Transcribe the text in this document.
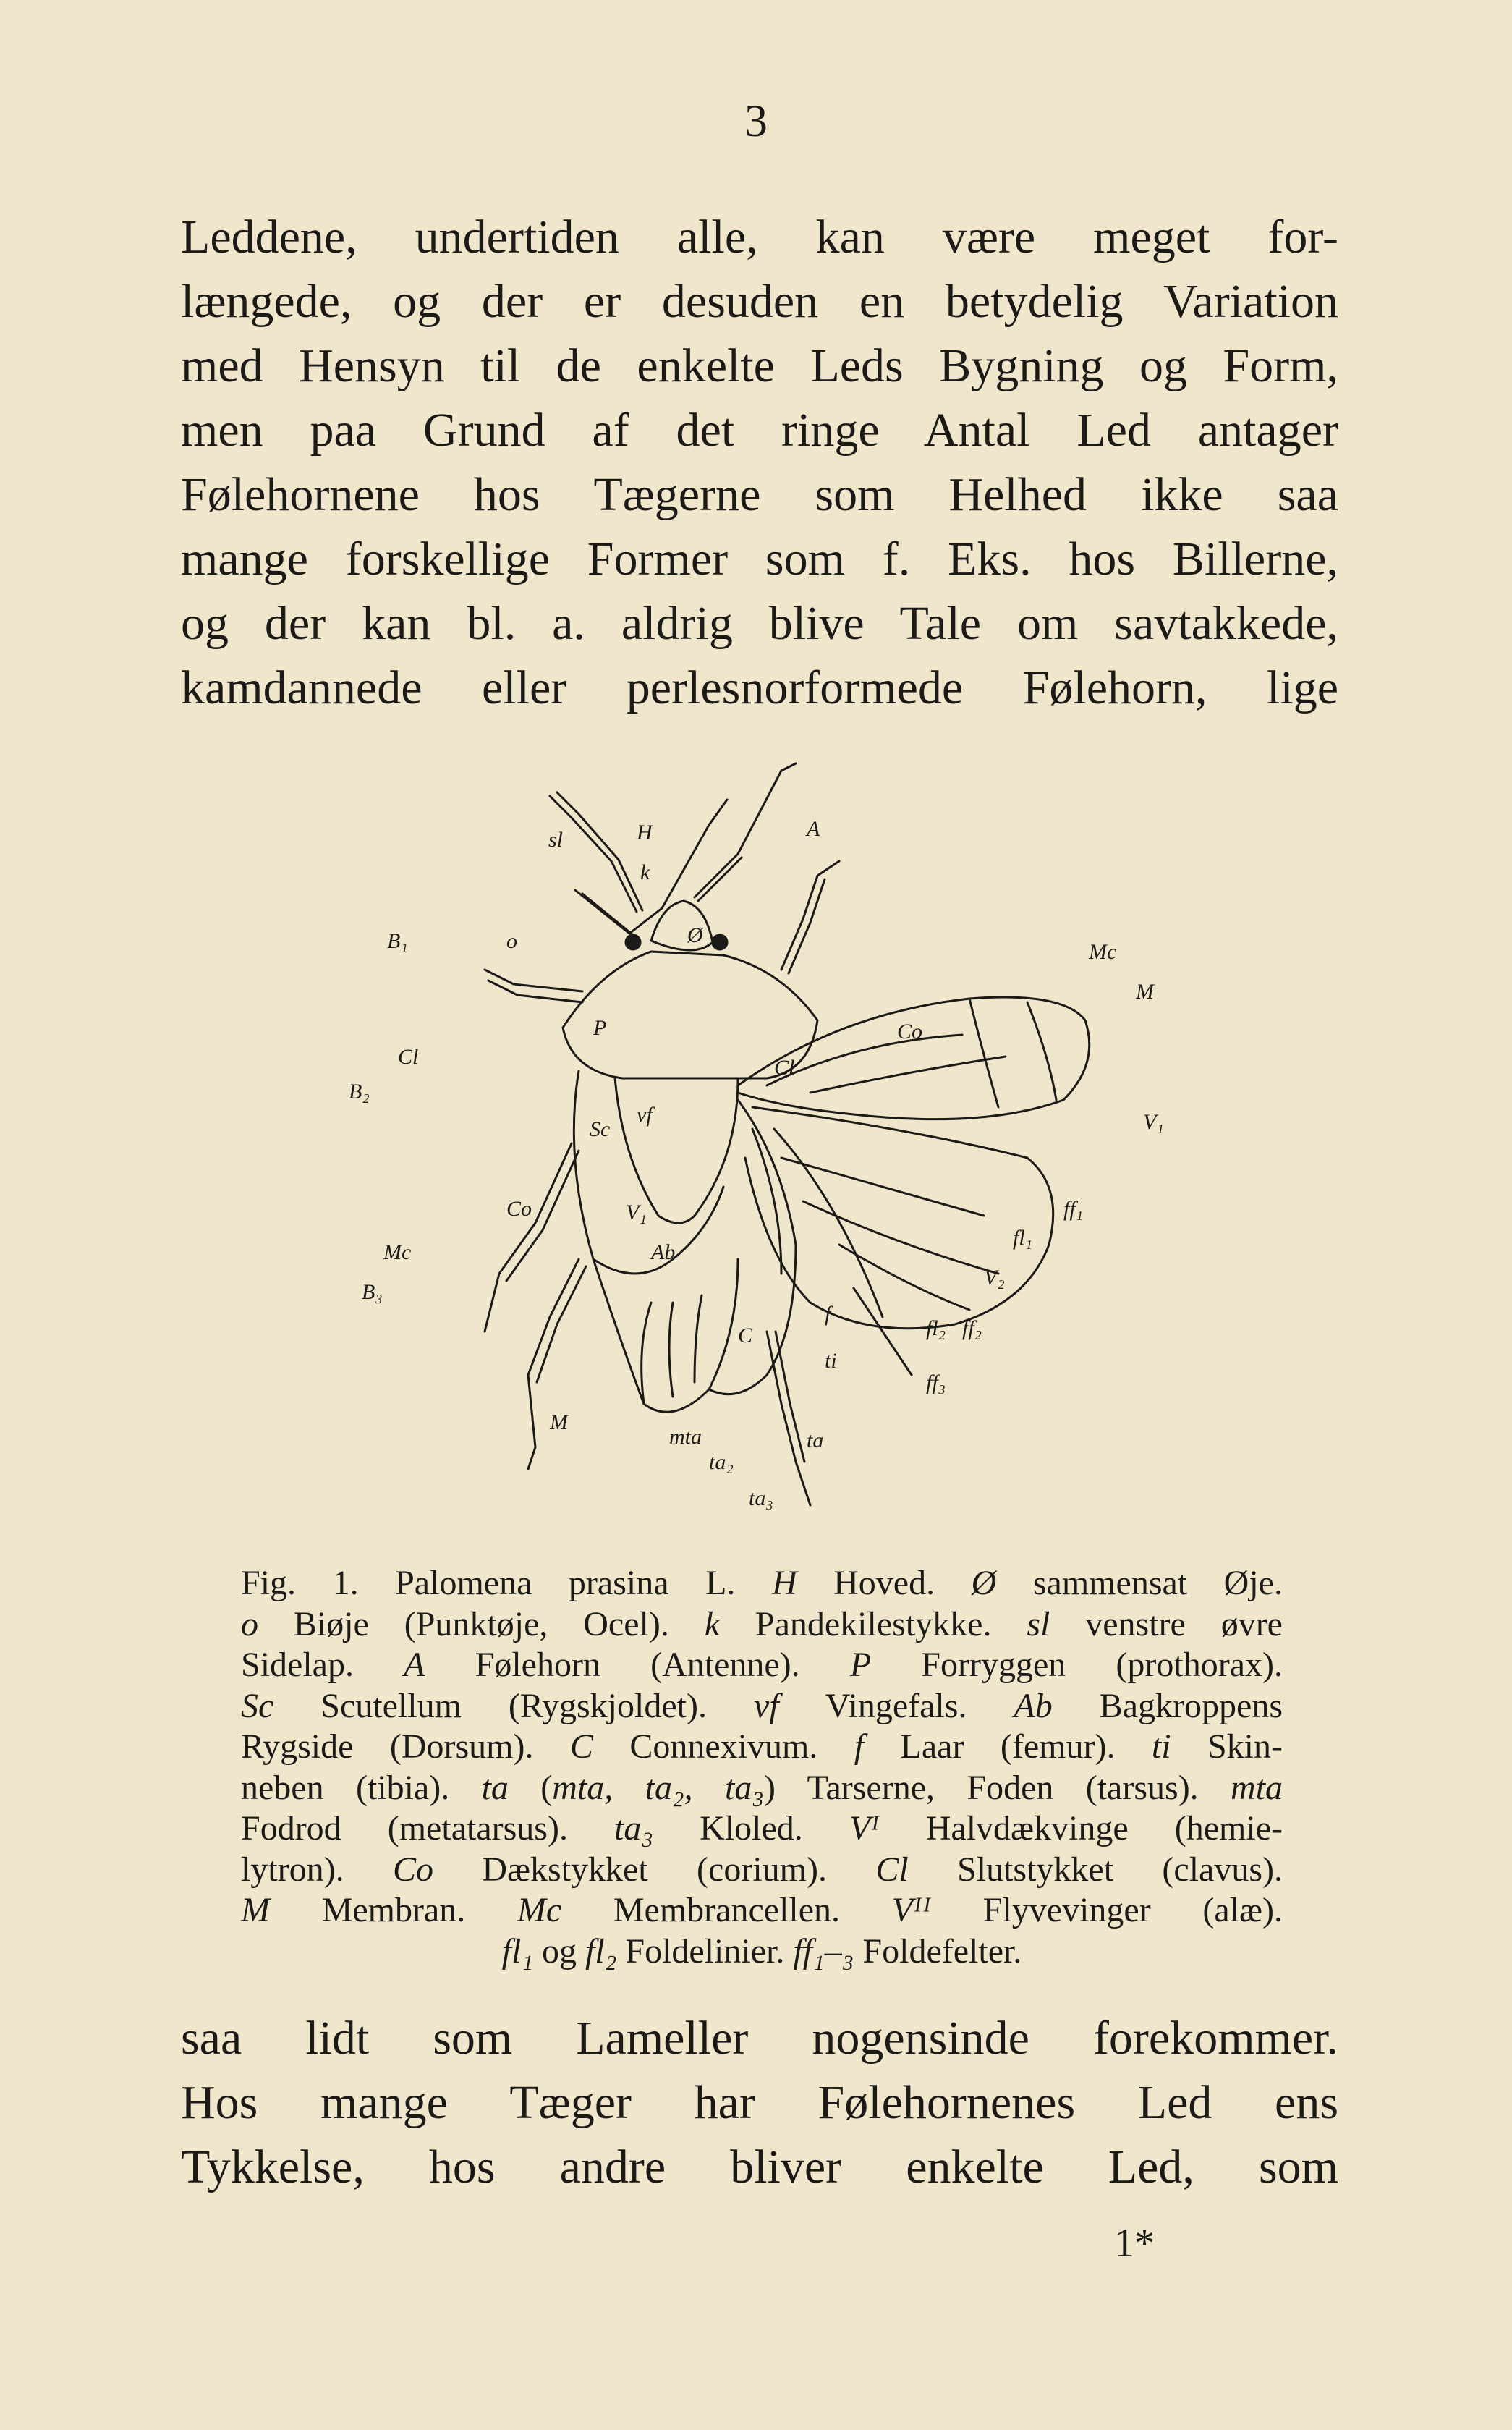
3
Leddene, undertiden alle, kan være meget for-
længede, og der er desuden en betydelig Variation
med Hensyn til de enkelte Leds Bygning og Form,
men paa Grund af det ringe Antal Led antager
Følehornene hos Tægerne som Helhed ikke saa
mange forskellige Former som f. Eks. hos Billerne,
og der kan bl. a. aldrig blive Tale om savtakkede,
kamdannede eller perlesnorformede Følehorn, lige
sl	H
k
A
Ø
o
B₁	Mc
M
P	Co
Cl
B₂
Cl
V₁
vf
Sc
Co	ff₁
fl₁
V₁
Mc	Ab
B₃
V₂
f
fl₂ ff₂
C
ti
ff₃
M
mta	ta
ta₂
ta₃
Fig. 1. Palomena prasina L. H Hoved. Ø sammensat Øje.
o Biøje (Punktøje, Ocel). k Pandekilestykke. sl venstre øvre
Sidelap. A Følehorn (Antenne). P Forryggen (prothorax).
Sc Scutellum (Rygskjoldet). vf Vingefals. Ab Bagkroppens
Rygside (Dorsum). C Connexivum. f Laar (femur). ti Skin-
neben (tibia). ta (mta, ta₂, ta₃) Tarserne, Foden (tarsus). mta
Fodrod (metatarsus). ta₃ Kloled. Vᴵ Halvdækvinge (hemie-
lytron). Co Dækstykket (corium). Cl Slutstykket (clavus).
M Membran. Mc Membrancellen. Vᴵᴵ Flyvevinger (alæ).
fl₁ og fl₂ Foldelinier. ff₁–₃ Foldefelter.
saa lidt som Lameller nogensinde forekommer.
Hos mange Tæger har Følehornenes Led ens
Tykkelse, hos andre bliver enkelte Led, som
1*
